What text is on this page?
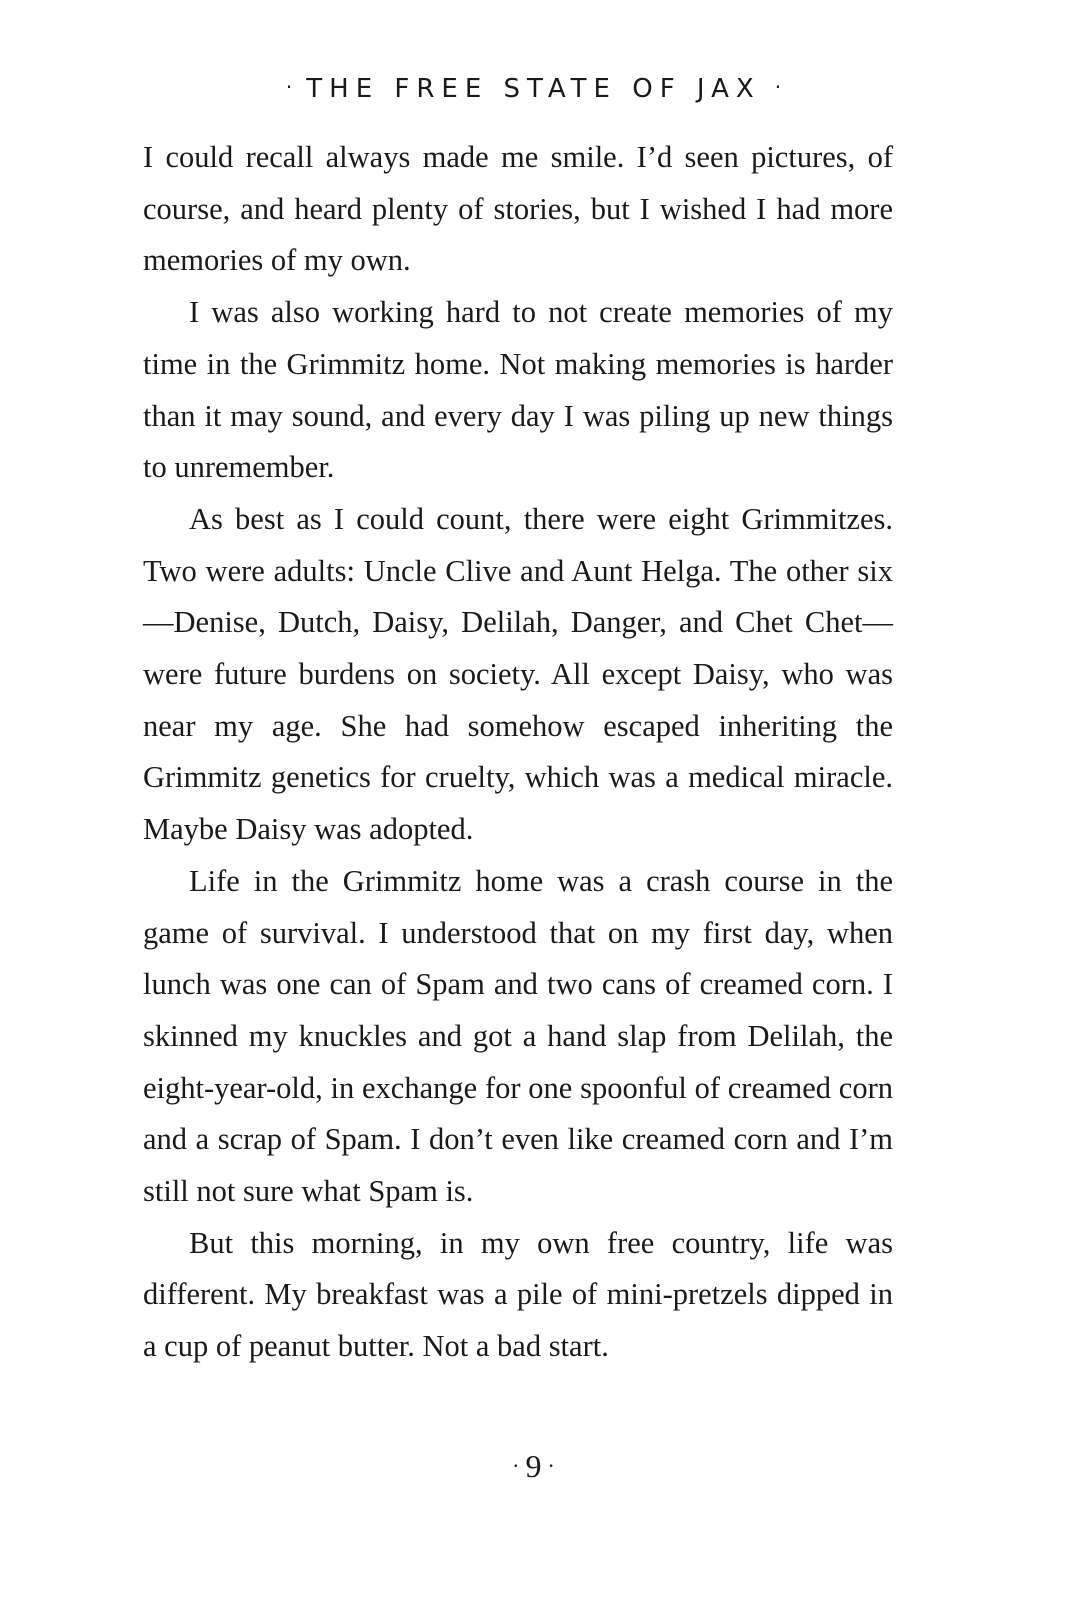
· THE FREE STATE OF JAX ·

I could recall always made me smile. I’d seen pictures, of course, and heard plenty of stories, but I wished I had more memories of my own.

I was also working hard to not create memories of my time in the Grimmitz home. Not making memories is harder than it may sound, and every day I was piling up new things to unremember.

As best as I could count, there were eight Grimmitzes. Two were adults: Uncle Clive and Aunt Helga. The other six—Denise, Dutch, Daisy, Delilah, Danger, and Chet Chet—were future burdens on society. All except Daisy, who was near my age. She had somehow escaped inheriting the Grimmitz genetics for cruelty, which was a medical miracle. Maybe Daisy was adopted.

Life in the Grimmitz home was a crash course in the game of survival. I understood that on my first day, when lunch was one can of Spam and two cans of creamed corn. I skinned my knuckles and got a hand slap from Delilah, the eight-year-old, in exchange for one spoonful of creamed corn and a scrap of Spam. I don’t even like creamed corn and I’m still not sure what Spam is.

But this morning, in my own free country, life was different. My breakfast was a pile of mini-pretzels dipped in a cup of peanut butter. Not a bad start.

· 9 ·
